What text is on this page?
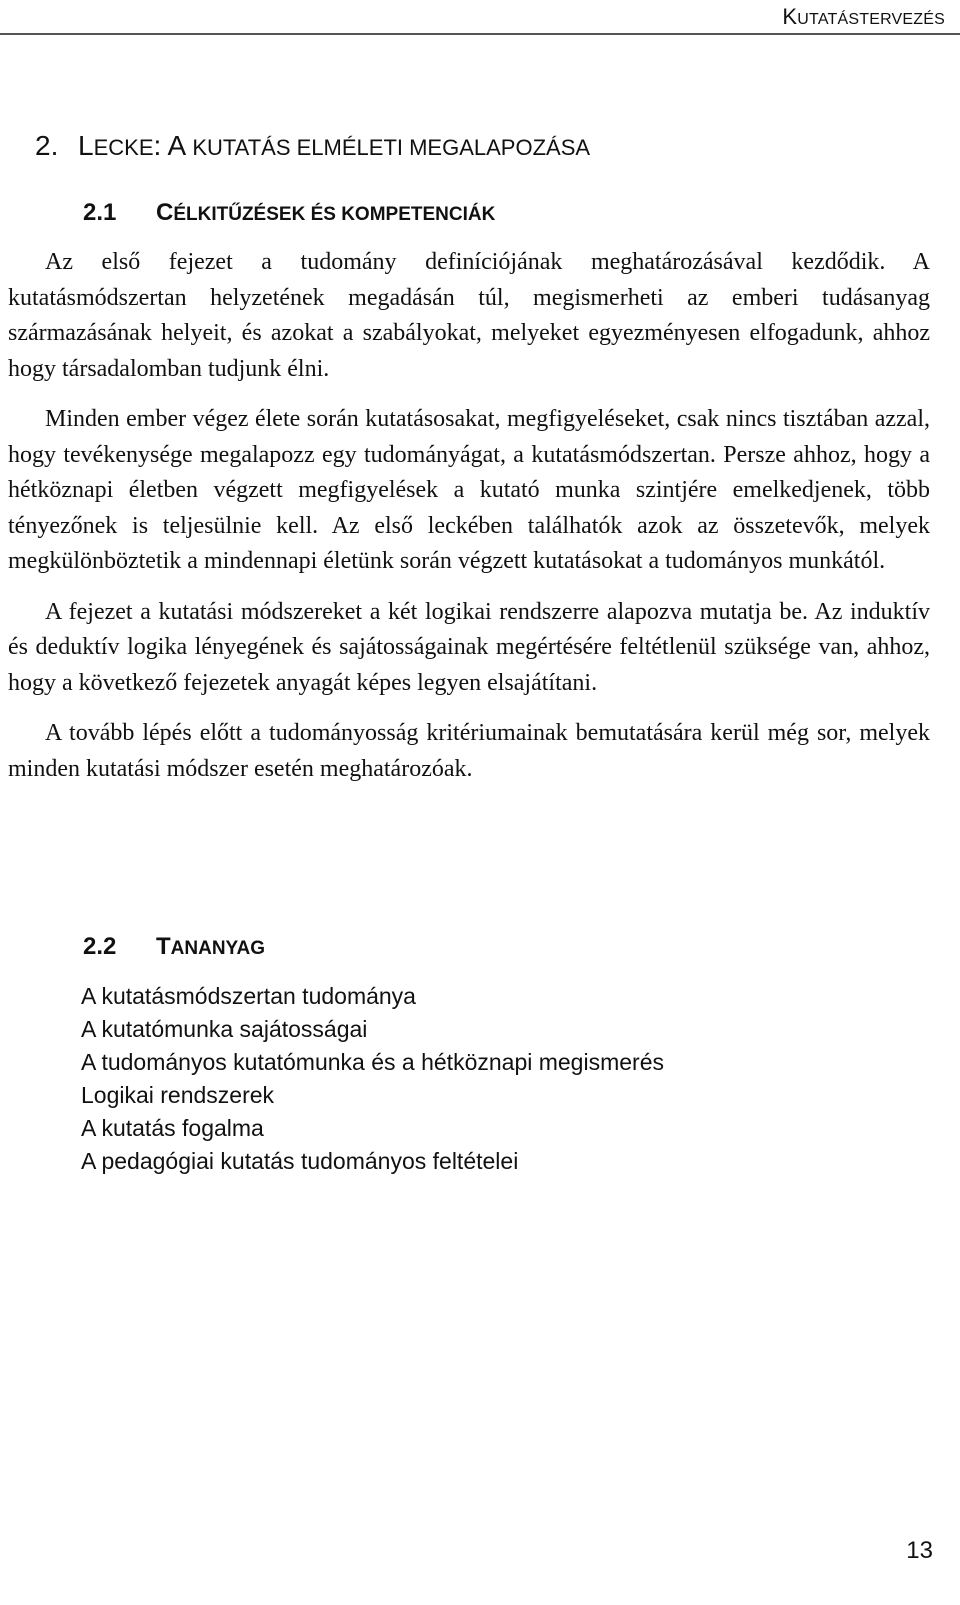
KUTATÁSTERVEZÉS
2. LECKE: A KUTATÁS ELMÉLETI MEGALAPOZÁSA
2.1 CÉLKITŰZÉSEK ÉS KOMPETENCIÁK

Az első fejezet a tudomány definíciójának meghatározásával kezdődik. A kutatásmódszertan helyzetének megadásán túl, megismerheti az emberi tudásanyag származásának helyeit, és azokat a szabályokat, melyeket egyezményesen elfogadunk, ahhoz hogy társadalomban tudjunk élni.

Minden ember végez élete során kutatásosakat, megfigyeléseket, csak nincs tisztában azzal, hogy tevékenysége megalapozz egy tudományágat, a kutatásmódszertan. Persze ahhoz, hogy a hétköznapi életben végzett megfigyelések a kutató munka szintjére emelkedjenek, több tényezőnek is teljesülnie kell. Az első leckében találhatók azok az összetevők, melyek megkülönböztetik a mindennapi életünk során végzett kutatásokat a tudományos munkától.

A fejezet a kutatási módszereket a két logikai rendszerre alapozva mutatja be. Az induktív és deduktív logika lényegének és sajátosságainak megértésére feltétlenül szüksége van, ahhoz, hogy a következő fejezetek anyagát képes legyen elsajátítani.

A tovább lépés előtt a tudományosság kritériumainak bemutatására kerül még sor, melyek minden kutatási módszer esetén meghatározóak.

2.2 TANANYAG
A kutatásmódszertan tudománya
A kutatómunka sajátosságai
A tudományos kutatómunka és a hétköznapi megismerés
Logikai rendszerek
A kutatás fogalma
A pedagógiai kutatás tudományos feltételei
13
